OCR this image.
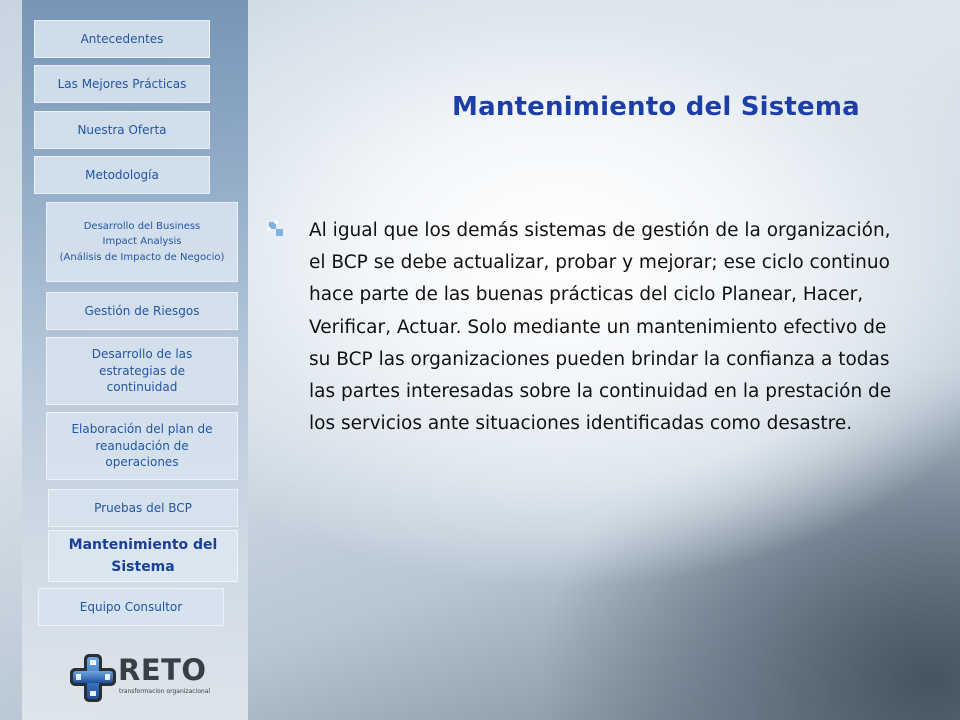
Antecedentes
Las Mejores Prácticas
Nuestra Oferta
Metodología
Desarrollo del Business
Impact Analysis
(Análisis de Impacto de Negocio)
Gestión de Riesgos
Desarrollo de las
estrategias de
continuidad
Elaboración del plan de
reanudación de
operaciones
Pruebas del BCP
Mantenimiento del
Sistema
Equipo Consultor
RETO
transformacion organizacional
Mantenimiento del Sistema

Al igual que los demás sistemas de gestión de la organización, el BCP se debe actualizar, probar y mejorar; ese ciclo continuo hace parte de las buenas prácticas del ciclo Planear, Hacer, Verificar, Actuar. Solo mediante un mantenimiento efectivo de su BCP las organizaciones pueden brindar la confianza a todas las partes interesadas sobre la continuidad en la prestación de los servicios ante situaciones identificadas como desastre.
